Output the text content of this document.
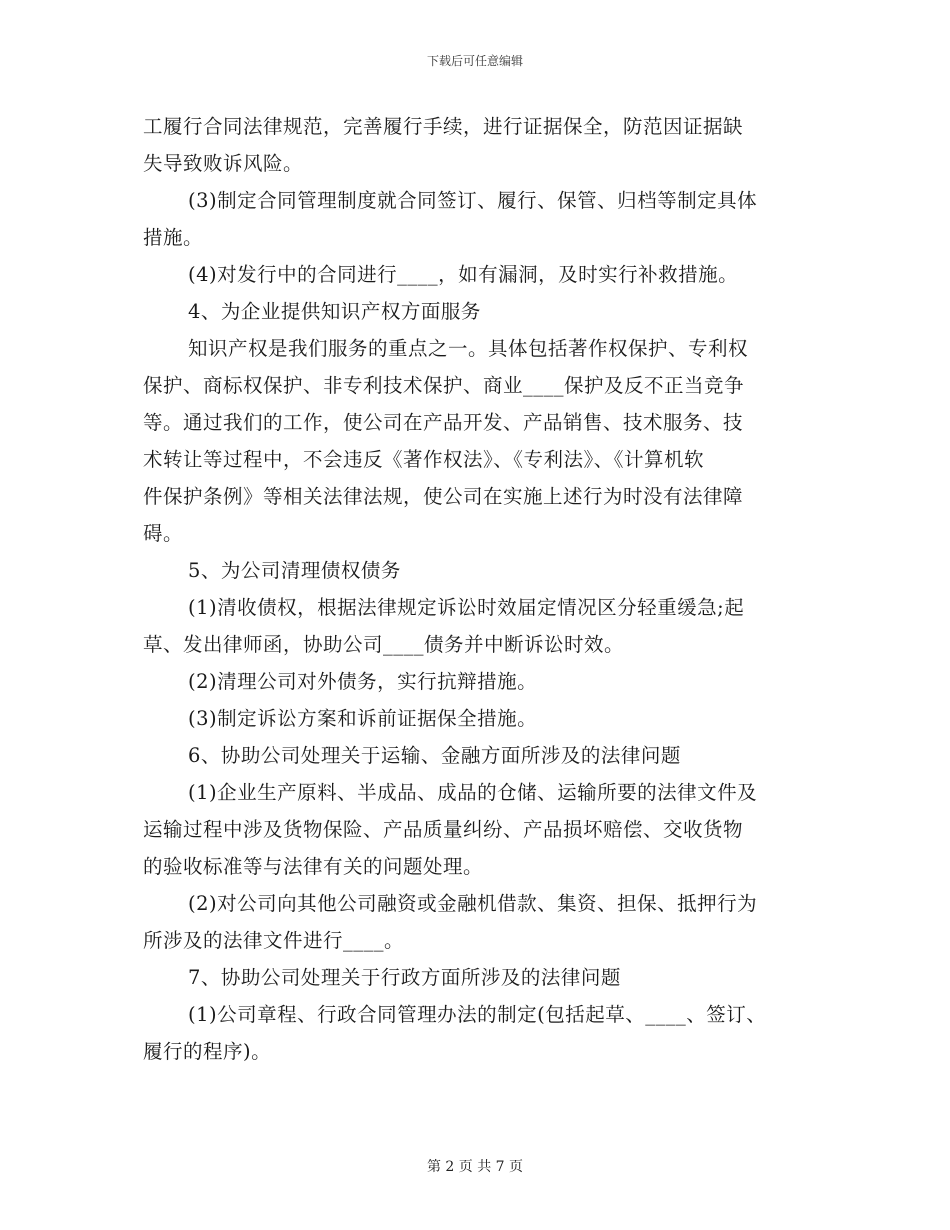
下载后可任意编辑
工履行合同法律规范，完善履行手续，进行证据保全，防范因证据缺
失导致败诉风险。
(3)制定合同管理制度就合同签订、履行、保管、归档等制定具体
措施。
(4)对发行中的合同进行____，如有漏洞，及时实行补救措施。
4、为企业提供知识产权方面服务
知识产权是我们服务的重点之一。具体包括著作权保护、专利权
保护、商标权保护、非专利技术保护、商业____保护及反不正当竞争
等。通过我们的工作，使公司在产品开发、产品销售、技术服务、技
术转让等过程中，不会违反《著作权法》、《专利法》、《计算机软
件保护条例》等相关法律法规，使公司在实施上述行为时没有法律障
碍。
5、为公司清理债权债务
(1)清收债权，根据法律规定诉讼时效届定情况区分轻重缓急;起
草、发出律师函，协助公司____债务并中断诉讼时效。
(2)清理公司对外债务，实行抗辩措施。
(3)制定诉讼方案和诉前证据保全措施。
6、协助公司处理关于运输、金融方面所涉及的法律问题
(1)企业生产原料、半成品、成品的仓储、运输所要的法律文件及
运输过程中涉及货物保险、产品质量纠纷、产品损坏赔偿、交收货物
的验收标准等与法律有关的问题处理。
(2)对公司向其他公司融资或金融机借款、集资、担保、抵押行为
所涉及的法律文件进行____。
7、协助公司处理关于行政方面所涉及的法律问题
(1)公司章程、行政合同管理办法的制定(包括起草、____、签订、
履行的程序)。
第 2 页 共 7 页
